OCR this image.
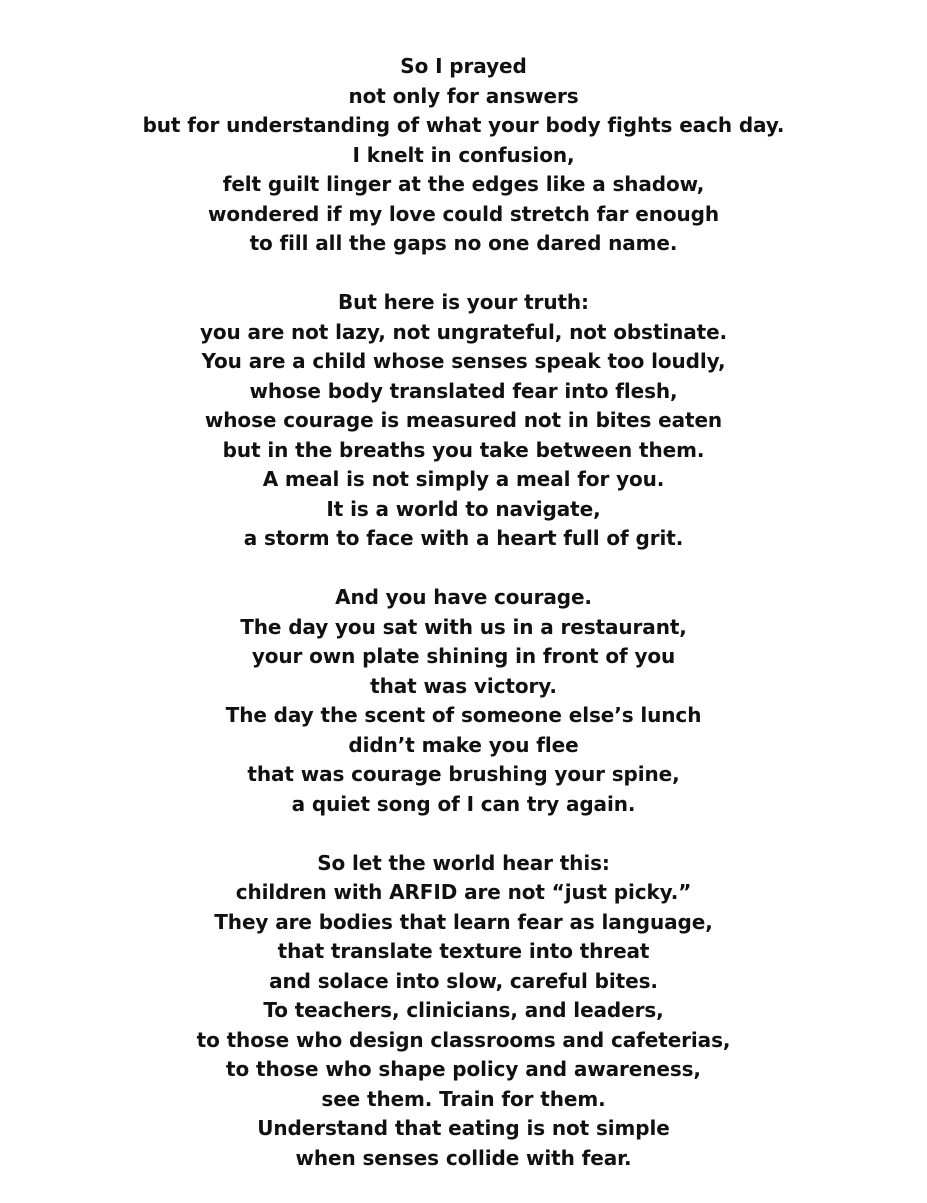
So I prayed
not only for answers
but for understanding of what your body fights each day.
I knelt in confusion,
felt guilt linger at the edges like a shadow,
wondered if my love could stretch far enough
to fill all the gaps no one dared name.
But here is your truth:
you are not lazy, not ungrateful, not obstinate.
You are a child whose senses speak too loudly,
whose body translated fear into flesh,
whose courage is measured not in bites eaten
but in the breaths you take between them.
A meal is not simply a meal for you.
It is a world to navigate,
a storm to face with a heart full of grit.
And you have courage.
The day you sat with us in a restaurant,
your own plate shining in front of you
that was victory.
The day the scent of someone else’s lunch
didn’t make you flee
that was courage brushing your spine,
a quiet song of I can try again.
So let the world hear this:
children with ARFID are not “just picky.”
They are bodies that learn fear as language,
that translate texture into threat
and solace into slow, careful bites.
To teachers, clinicians, and leaders,
to those who design classrooms and cafeterias,
to those who shape policy and awareness,
see them. Train for them.
Understand that eating is not simple
when senses collide with fear.
